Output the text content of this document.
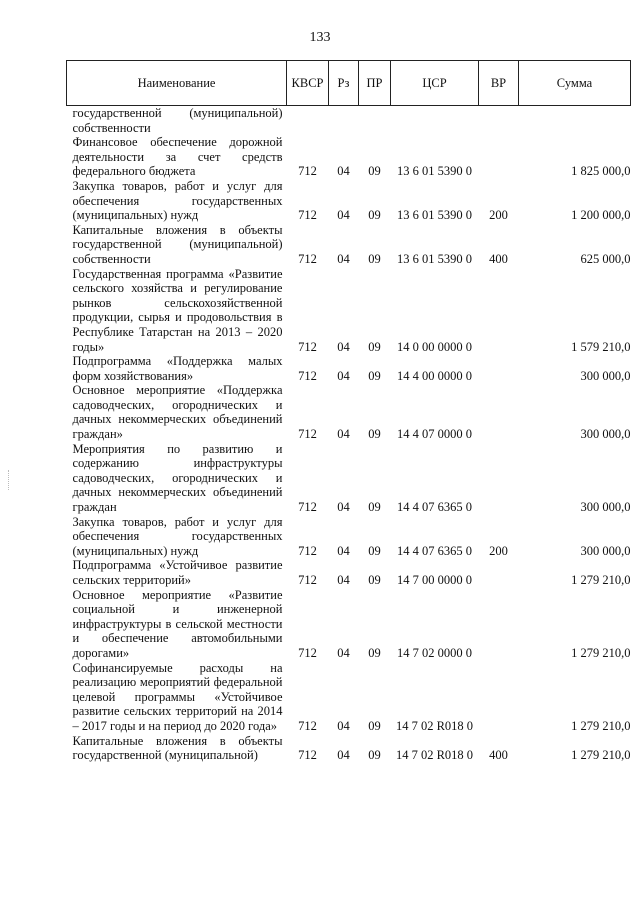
133
Наименование	КВСР	Рз	ПР	ЦСР	ВР	Сумма
государственной (муниципальной) собственности						
Финансовое обеспечение дорожной деятельности за счет средств федерального бюджета	712	04	09	13 6 01 5390 0		1 825 000,0
Закупка товаров, работ и услуг для обеспечения государственных (муниципальных) нужд	712	04	09	13 6 01 5390 0	200	1 200 000,0
Капитальные вложения в объекты государственной (муниципальной) собственности	712	04	09	13 6 01 5390 0	400	625 000,0
Государственная программа «Развитие сельского хозяйства и регулирование рынков сельскохозяйственной продукции, сырья и продовольствия в Республике Татарстан на 2013 – 2020 годы»	712	04	09	14 0 00 0000 0		1 579 210,0
Подпрограмма «Поддержка малых форм хозяйствования»	712	04	09	14 4 00 0000 0		300 000,0
Основное мероприятие «Поддержка садоводческих, огороднических и дачных некоммерческих объединений граждан»	712	04	09	14 4 07 0000 0		300 000,0
Мероприятия по развитию и содержанию инфраструктуры садоводческих, огороднических и дачных некоммерческих объединений граждан	712	04	09	14 4 07 6365 0		300 000,0
Закупка товаров, работ и услуг для обеспечения государственных (муниципальных) нужд	712	04	09	14 4 07 6365 0	200	300 000,0
Подпрограмма «Устойчивое развитие сельских территорий»	712	04	09	14 7 00 0000 0		1 279 210,0
Основное мероприятие «Развитие социальной и инженерной инфраструктуры в сельской местности и обеспечение автомобильными дорогами»	712	04	09	14 7 02 0000 0		1 279 210,0
Софинансируемые расходы на реализацию мероприятий федеральной целевой программы «Устойчивое развитие сельских территорий на 2014 – 2017 годы и на период до 2020 года»	712	04	09	14 7 02 R018 0		1 279 210,0
Капитальные вложения в объекты государственной (муниципальной)	712	04	09	14 7 02 R018 0	400	1 279 210,0
